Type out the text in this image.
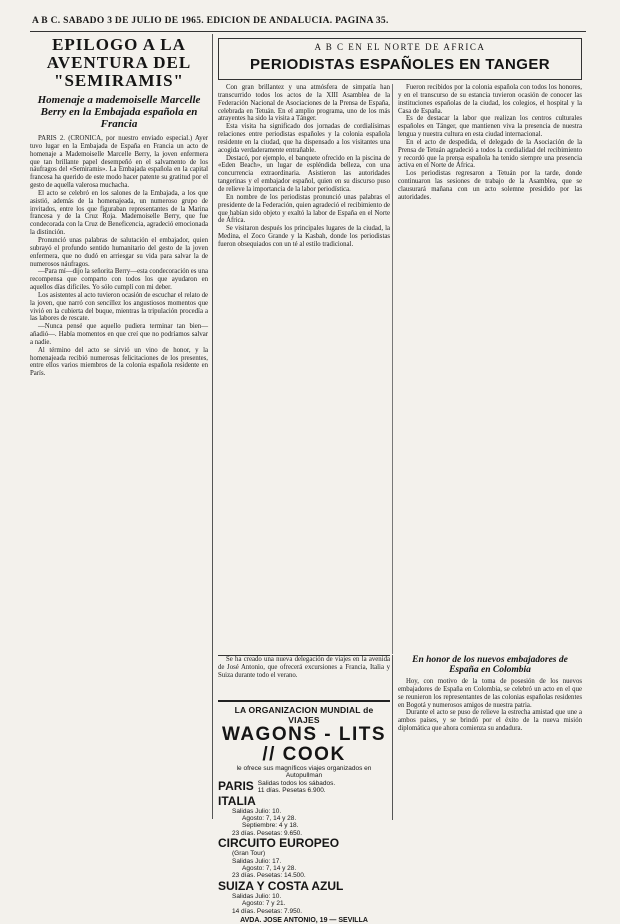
A B C. SABADO 3 DE JULIO DE 1965. EDICION DE ANDALUCIA. PAGINA 35.
EPILOGO A LA AVENTURA DEL "SEMIRAMIS"
Homenaje a mademoiselle Marcelle Berry en la Embajada española en Francia

PARIS 2. (CRONICA, por nuestro enviado especial.) Ayer tuvo lugar en la Embajada de España en Francia un acto de homenaje a Mademoiselle Marcelle Berry, la joven enfermera que tan brillante papel desempeñó en el salvamento de los náufragos del «Semiramis». La Embajada española en la capital francesa ha querido de este modo hacer patente su gratitud por el gesto de aquella valerosa muchacha.

El acto se celebró en los salones de la Embajada, a los que asistió, además de la homenajeada, un numeroso grupo de invitados, entre los que figuraban representantes de la Marina francesa y de la Cruz Roja. Mademoiselle Berry, que fue condecorada con la Cruz de Beneficencia, agradeció emocionada la distinción.

Pronunció unas palabras de salutación el embajador, quien subrayó el profundo sentido humanitario del gesto de la joven enfermera, que no dudó en arriesgar su vida para salvar la de numerosos náufragos.

—Para mí—dijo la señorita Berry—esta condecoración es una recompensa que comparto con todos los que ayudaron en aquellos días difíciles. Yo sólo cumplí con mi deber.

Los asistentes al acto tuvieron ocasión de escuchar el relato de la joven, que narró con sencillez los angustiosos momentos que vivió en la cubierta del buque, mientras la tripulación procedía a las labores de rescate.

—Nunca pensé que aquello pudiera terminar tan bien—añadió—. Había momentos en que creí que no podríamos salvar a nadie.

Al término del acto se sirvió un vino de honor, y la homenajeada recibió numerosas felicitaciones de los presentes, entre ellos varios miembros de la colonia española residente en París.

A B C EN EL NORTE DE AFRICA
PERIODISTAS ESPAÑOLES EN TANGER

Con gran brillantez y una atmósfera de simpatía han transcurrido todos los actos de la XIII Asamblea de la Federación Nacional de Asociaciones de la Prensa de España, celebrada en Tetuán. En el amplio programa, uno de los más atrayentes ha sido la visita a Tánger.

Esta visita ha significado dos jornadas de cordialísimas relaciones entre periodistas españoles y la colonia española residente en la ciudad, que ha dispensado a los visitantes una acogida verdaderamente entrañable.

Destacó, por ejemplo, el banquete ofrecido en la piscina de «Eden Beach», un lugar de espléndida belleza, con una concurrencia extraordinaria. Asistieron las autoridades tangerinas y el embajador español, quien en su discurso puso de relieve la importancia de la labor periodística.

En nombre de los periodistas pronunció unas palabras el presidente de la Federación, quien agradeció el recibimiento de que habían sido objeto y exaltó la labor de España en el Norte de África.

Se visitaron después los principales lugares de la ciudad, la Medina, el Zoco Grande y la Kasbah, donde los periodistas fueron obsequiados con un té al estilo tradicional.

Fueron recibidos por la colonia española con todos los honores, y en el transcurso de su estancia tuvieron ocasión de conocer las instituciones españolas de la ciudad, los colegios, el hospital y la Casa de España.

Es de destacar la labor que realizan los centros culturales españoles en Tánger, que mantienen viva la presencia de nuestra lengua y nuestra cultura en esta ciudad internacional.

En el acto de despedida, el delegado de la Asociación de la Prensa de Tetuán agradeció a todos la cordialidad del recibimiento y recordó que la prensa española ha tenido siempre una presencia activa en el Norte de África.

Los periodistas regresaron a Tetuán por la tarde, donde continuaron las sesiones de trabajo de la Asamblea, que se clausurará mañana con un acto solemne presidido por las autoridades.

Se ha creado una nueva delegación de viajes en la avenida de José Antonio, que ofrecerá excursiones a Francia, Italia y Suiza durante todo el verano.

LA ORGANIZACION MUNDIAL de VIAJES
WAGONS - LITS // COOK
le ofrece sus magníficos viajes organizados en Autopullman
PARIS Salidas todos los sábados.
11 días. Pesetas 6.900.
ITALIA
Salidas Julio: 10.
Agosto: 7, 14 y 28.
Septiembre: 4 y 18.
23 días. Pesetas: 9.650.
CIRCUITO EUROPEO
(Gran Tour)
Salidas Julio: 17.
Agosto: 7, 14 y 28.
23 días. Pesetas: 14.500.
SUIZA Y COSTA AZUL
Salidas Julio: 10.
Agosto: 7 y 21.
14 días. Pesetas: 7.950.
AVDA. JOSE ANTONIO, 19 — SEVILLA
En honor de los nuevos embajadores de España en Colombia

Hoy, con motivo de la toma de posesión de los nuevos embajadores de España en Colombia, se celebró un acto en el que se reunieron los representantes de las colonias españolas residentes en Bogotá y numerosos amigos de nuestra patria.

Durante el acto se puso de relieve la estrecha amistad que une a ambos países, y se brindó por el éxito de la nueva misión diplomática que ahora comienza su andadura.
